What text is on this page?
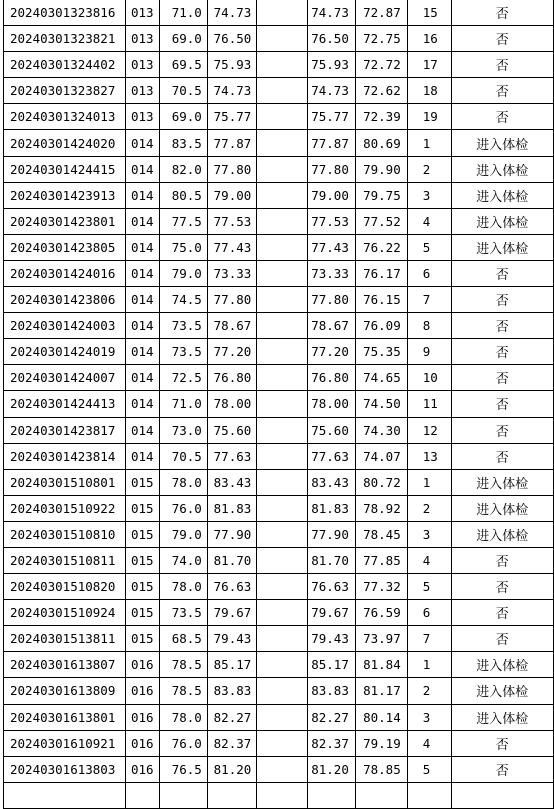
20240301323816	013	71.0	74.73		74.73	72.87	15	否
20240301323821	013	69.0	76.50		76.50	72.75	16	否
20240301324402	013	69.5	75.93		75.93	72.72	17	否
20240301323827	013	70.5	74.73		74.73	72.62	18	否
20240301324013	013	69.0	75.77		75.77	72.39	19	否
20240301424020	014	83.5	77.87		77.87	80.69	1	进入体检
20240301424415	014	82.0	77.80		77.80	79.90	2	进入体检
20240301423913	014	80.5	79.00		79.00	79.75	3	进入体检
20240301423801	014	77.5	77.53		77.53	77.52	4	进入体检
20240301423805	014	75.0	77.43		77.43	76.22	5	进入体检
20240301424016	014	79.0	73.33		73.33	76.17	6	否
20240301423806	014	74.5	77.80		77.80	76.15	7	否
20240301424003	014	73.5	78.67		78.67	76.09	8	否
20240301424019	014	73.5	77.20		77.20	75.35	9	否
20240301424007	014	72.5	76.80		76.80	74.65	10	否
20240301424413	014	71.0	78.00		78.00	74.50	11	否
20240301423817	014	73.0	75.60		75.60	74.30	12	否
20240301423814	014	70.5	77.63		77.63	74.07	13	否
20240301510801	015	78.0	83.43		83.43	80.72	1	进入体检
20240301510922	015	76.0	81.83		81.83	78.92	2	进入体检
20240301510810	015	79.0	77.90		77.90	78.45	3	进入体检
20240301510811	015	74.0	81.70		81.70	77.85	4	否
20240301510820	015	78.0	76.63		76.63	77.32	5	否
20240301510924	015	73.5	79.67		79.67	76.59	6	否
20240301513811	015	68.5	79.43		79.43	73.97	7	否
20240301613807	016	78.5	85.17		85.17	81.84	1	进入体检
20240301613809	016	78.5	83.83		83.83	81.17	2	进入体检
20240301613801	016	78.0	82.27		82.27	80.14	3	进入体检
20240301610921	016	76.0	82.37		82.37	79.19	4	否
20240301613803	016	76.5	81.20		81.20	78.85	5	否
